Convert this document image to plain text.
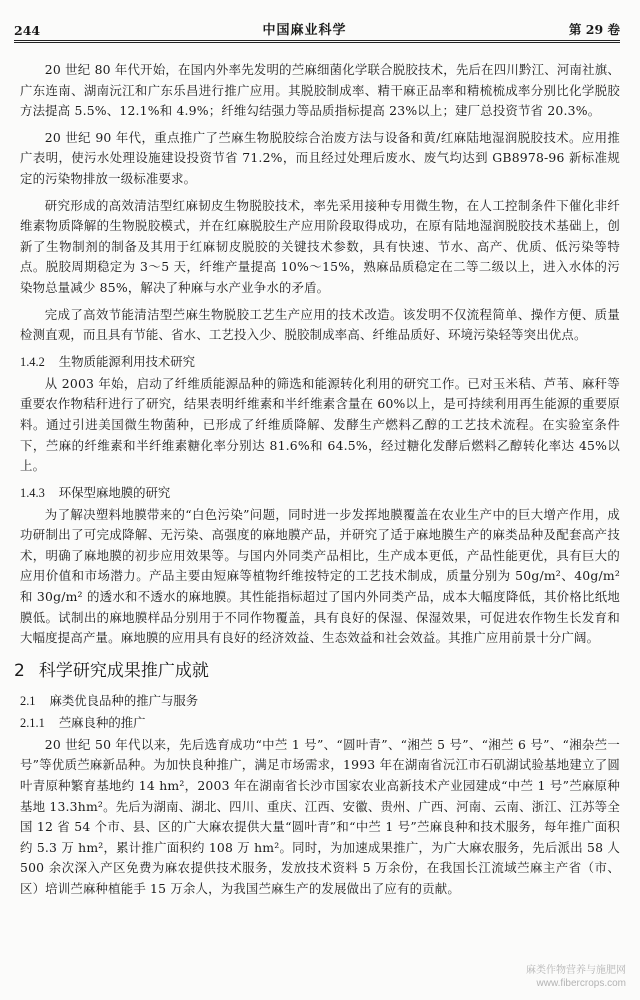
244	中国麻业科学	第 29 卷

20 世纪 80 年代开始，在国内外率先发明的苎麻细菌化学联合脱胶技术，先后在四川黔江、河南社旗、广东连南、湖南沅江和广东乐昌进行推广应用。其脱胶制成率、精干麻正品率和精梳梳成率分别比化学脱胶方法提高 5.5%、12.1%和 4.9%；纤维勾结强力等品质指标提高 23%以上；建厂总投资节省 20.3%。

20 世纪 90 年代，重点推广了苎麻生物脱胶综合治废方法与设备和黄/红麻陆地湿润脱胶技术。应用推广表明，使污水处理设施建设投资节省 71.2%，而且经过处理后废水、废气均达到 GB8978-96 新标准规定的污染物排放一级标准要求。

研究形成的高效清洁型红麻韧皮生物脱胶技术，率先采用接种专用微生物，在人工控制条件下催化非纤维素物质降解的生物脱胶模式，并在红麻脱胶生产应用阶段取得成功，在原有陆地湿润脱胶技术基础上，创新了生物制剂的制备及其用于红麻韧皮脱胶的关键技术参数，具有快速、节水、高产、优质、低污染等特点。脱胶周期稳定为 3～5 天，纤维产量提高 10%～15%，熟麻品质稳定在二等二级以上，进入水体的污染物总量减少 85%，解决了种麻与水产业争水的矛盾。

完成了高效节能清洁型苎麻生物脱胶工艺生产应用的技术改造。该发明不仅流程简单、操作方便、质量检测直观，而且具有节能、省水、工艺投入少、脱胶制成率高、纤维品质好、环境污染轻等突出优点。

1.4.2 生物质能源利用技术研究

从 2003 年始，启动了纤维质能源品种的筛选和能源转化利用的研究工作。已对玉米秸、芦苇、麻秆等重要农作物秸秆进行了研究，结果表明纤维素和半纤维素含量在 60%以上，是可持续利用再生能源的重要原料。通过引进美国微生物菌种，已形成了纤维质降解、发酵生产燃料乙醇的工艺技术流程。在实验室条件下，苎麻的纤维素和半纤维素糖化率分别达 81.6%和 64.5%，经过糖化发酵后燃料乙醇转化率达 45%以上。

1.4.3 环保型麻地膜的研究

为了解决塑料地膜带来的“白色污染”问题，同时进一步发挥地膜覆盖在农业生产中的巨大增产作用，成功研制出了可完成降解、无污染、高强度的麻地膜产品，并研究了适于麻地膜生产的麻类品种及配套高产技术，明确了麻地膜的初步应用效果等。与国内外同类产品相比，生产成本更低，产品性能更优，具有巨大的应用价值和市场潜力。产品主要由短麻等植物纤维按特定的工艺技术制成，质量分别为 50g/m²、40g/m² 和 30g/m² 的透水和不透水的麻地膜。其性能指标超过了国内外同类产品，成本大幅度降低，其价格比纸地膜低。试制出的麻地膜样品分别用于不同作物覆盖，具有良好的保湿、保湿效果，可促进农作物生长发育和大幅度提高产量。麻地膜的应用具有良好的经济效益、生态效益和社会效益。其推广应用前景十分广阔。

2 科学研究成果推广成就
2.1 麻类优良品种的推广与服务
2.1.1 苎麻良种的推广

20 世纪 50 年代以来，先后选育成功“中苎 1 号”、“圆叶青”、“湘苎 5 号”、“湘苎 6 号”、“湘杂苎一号”等优质苎麻新品种。为加快良种推广，满足市场需求，1993 年在湖南省沅江市石矶湖试验基地建立了圆叶青原种繁育基地约 14 hm²，2003 年在湖南省长沙市国家农业高新技术产业园建成“中苎 1 号”苎麻原种基地 13.3hm²。先后为湖南、湖北、四川、重庆、江西、安徽、贵州、广西、河南、云南、浙江、江苏等全国 12 省 54 个市、县、区的广大麻农提供大量“圆叶青”和“中苎 1 号”苎麻良种和技术服务，每年推广面积约 5.3 万 hm²，累计推广面积约 108 万 hm²。同时，为加速成果推广，为广大麻农服务，先后派出 58 人 500 余次深入产区免费为麻农提供技术服务，发放技术资料 5 万余份，在我国长江流域苎麻主产省（市、区）培训苎麻种植能手 15 万余人，为我国苎麻生产的发展做出了应有的贡献。

麻类作物营养与施肥网
www.fibercrops.com
